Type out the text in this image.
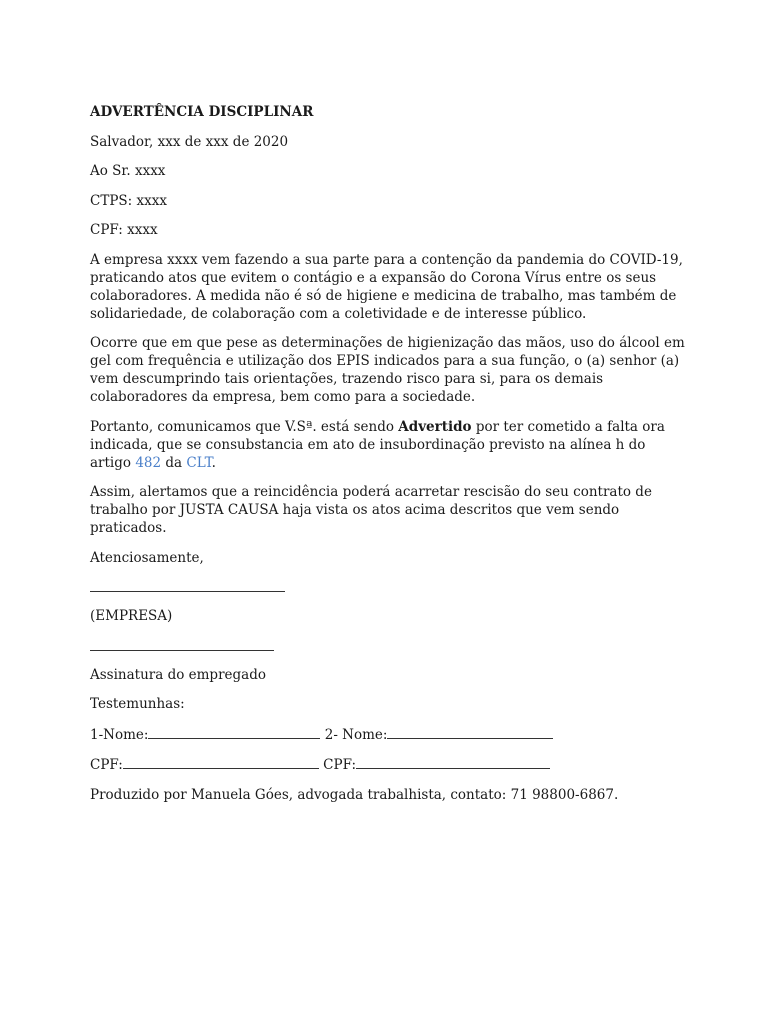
ADVERTÊNCIA DISCIPLINAR

Salvador, xxx de xxx de 2020

Ao Sr. xxxx

CTPS: xxxx

CPF: xxxx

A empresa xxxx vem fazendo a sua parte para a contenção da pandemia do COVID-19, praticando atos que evitem o contágio e a expansão do Corona Vírus entre os seus colaboradores. A medida não é só de higiene e medicina de trabalho, mas também de solidariedade, de colaboração com a coletividade e de interesse público.

Ocorre que em que pese as determinações de higienização das mãos, uso do álcool em gel com frequência e utilização dos EPIS indicados para a sua função, o (a) senhor (a) vem descumprindo tais orientações, trazendo risco para si, para os demais colaboradores da empresa, bem como para a sociedade.

Portanto, comunicamos que V.Sª. está sendo Advertido por ter cometido a falta ora indicada, que se consubstancia em ato de insubordinação previsto na alínea h do artigo 482 da CLT.

Assim, alertamos que a reincidência poderá acarretar rescisão do seu contrato de trabalho por JUSTA CAUSA haja vista os atos acima descritos que vem sendo praticados.

Atenciosamente,

(EMPRESA)

Assinatura do empregado

Testemunhas:

1-Nome:	2- Nome:

CPF:	CPF:

Produzido por Manuela Góes, advogada trabalhista, contato: 71 98800-6867.
